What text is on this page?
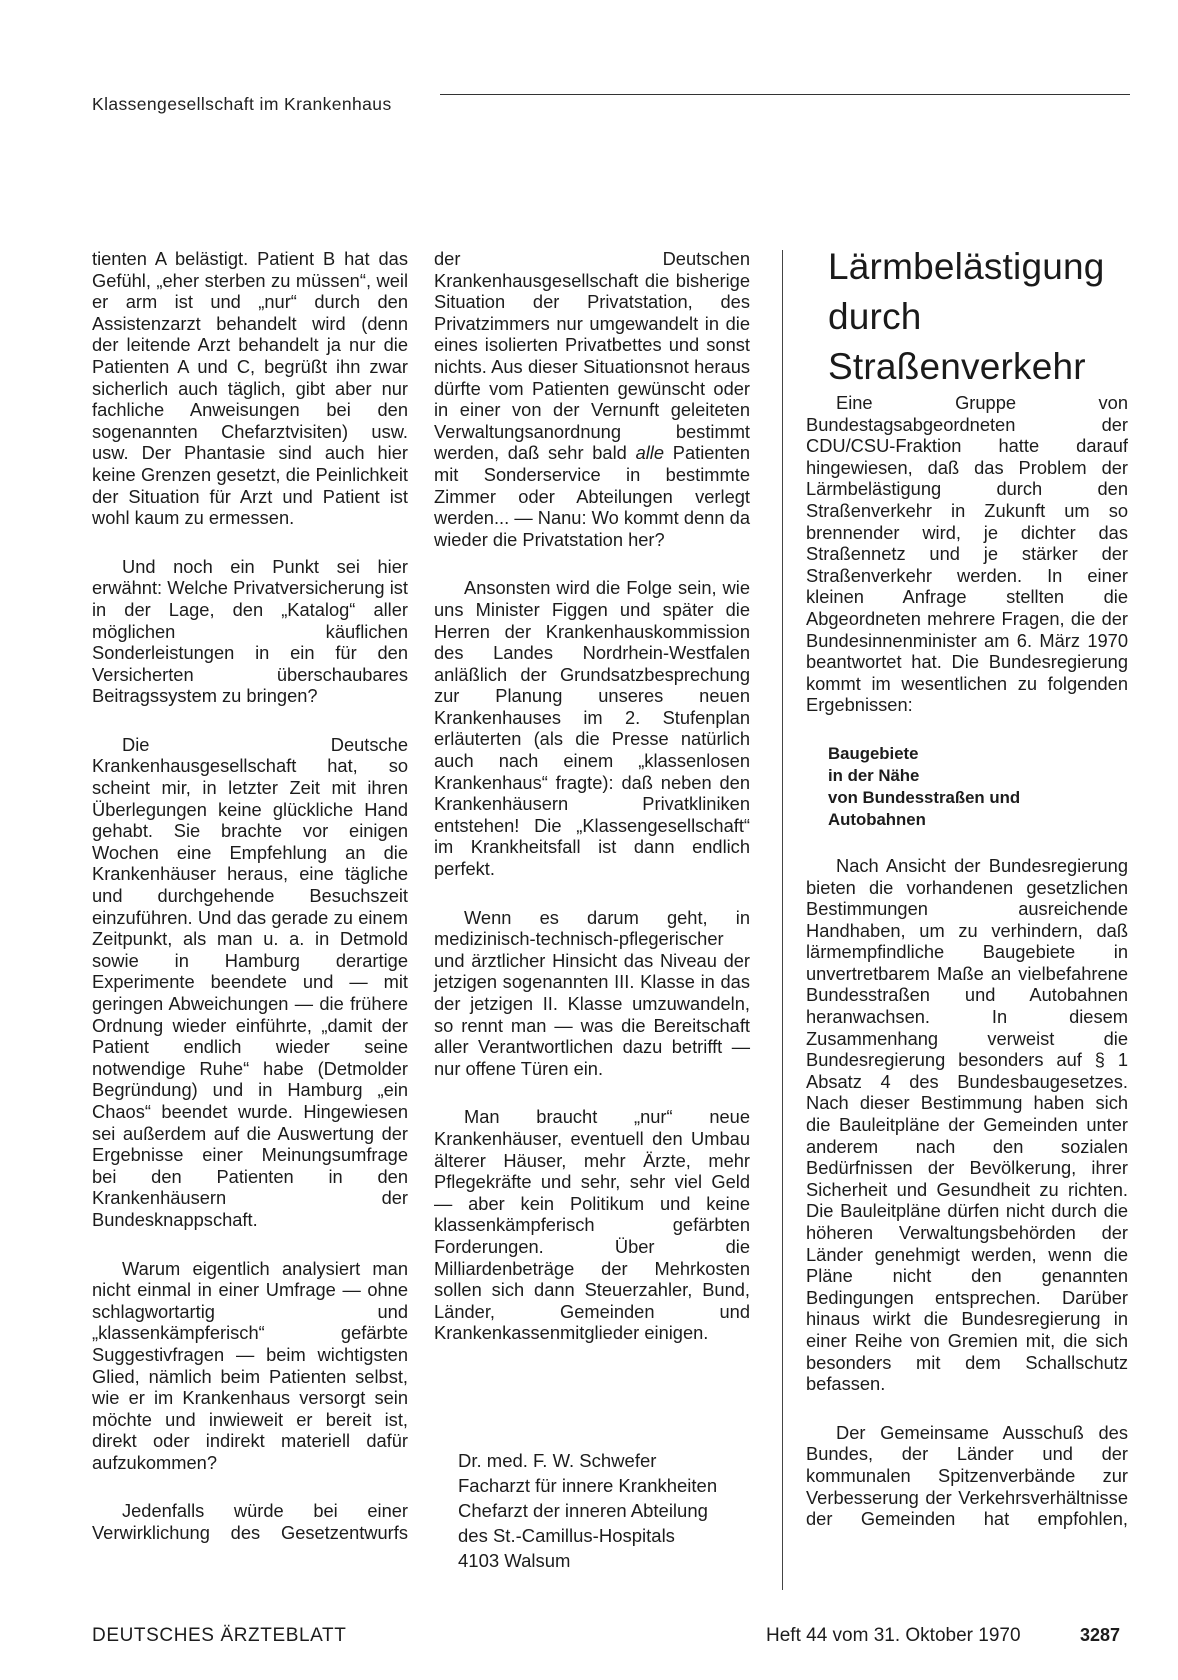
Klassengesellschaft im Krankenhaus

tienten A belästigt. Patient B hat das Gefühl, „eher sterben zu müssen“, weil er arm ist und „nur“ durch den Assistenzarzt behandelt wird (denn der leitende Arzt behandelt ja nur die Patienten A und C, begrüßt ihn zwar sicherlich auch täglich, gibt aber nur fachliche Anweisungen bei den sogenannten Chefarztvisiten) usw. usw. Der Phantasie sind auch hier keine Grenzen gesetzt, die Peinlichkeit der Situation für Arzt und Patient ist wohl kaum zu ermessen.

Und noch ein Punkt sei hier erwähnt: Welche Privatversicherung ist in der Lage, den „Katalog“ aller möglichen käuflichen Sonderleistungen in ein für den Versicherten überschaubares Beitragssystem zu bringen?

Die Deutsche Krankenhausgesellschaft hat, so scheint mir, in letzter Zeit mit ihren Überlegungen keine glückliche Hand gehabt. Sie brachte vor einigen Wochen eine Empfehlung an die Krankenhäuser heraus, eine tägliche und durchgehende Besuchszeit einzuführen. Und das gerade zu einem Zeitpunkt, als man u. a. in Detmold sowie in Hamburg derartige Experimente beendete und — mit geringen Abweichungen — die frühere Ordnung wieder einführte, „damit der Patient endlich wieder seine notwendige Ruhe“ habe (Detmolder Begründung) und in Hamburg „ein Chaos“ beendet wurde. Hingewiesen sei außerdem auf die Auswertung der Ergebnisse einer Meinungsumfrage bei den Patienten in den Krankenhäusern der Bundesknappschaft.

Warum eigentlich analysiert man nicht einmal in einer Umfrage — ohne schlagwortartig und „klassenkämpferisch“ gefärbte Suggestivfragen — beim wichtigsten Glied, nämlich beim Patienten selbst, wie er im Krankenhaus versorgt sein möchte und inwieweit er bereit ist, direkt oder indirekt materiell dafür aufzukommen?

Jedenfalls würde bei einer Verwirklichung des Gesetzentwurfs

der Deutschen Krankenhausgesellschaft die bisherige Situation der Privatstation, des Privatzimmers nur umgewandelt in die eines isolierten Privatbettes und sonst nichts. Aus dieser Situationsnot heraus dürfte vom Patienten gewünscht oder in einer von der Vernunft geleiteten Verwaltungsanordnung bestimmt werden, daß sehr bald alle Patienten mit Sonderservice in bestimmte Zimmer oder Abteilungen verlegt werden... — Nanu: Wo kommt denn da wieder die Privatstation her?

Ansonsten wird die Folge sein, wie uns Minister Figgen und später die Herren der Krankenhauskommission des Landes Nordrhein-Westfalen anläßlich der Grundsatzbesprechung zur Planung unseres neuen Krankenhauses im 2. Stufenplan erläuterten (als die Presse natürlich auch nach einem „klassenlosen Krankenhaus“ fragte): daß neben den Krankenhäusern Privatkliniken entstehen! Die „Klassengesellschaft“ im Krankheitsfall ist dann endlich perfekt.

Wenn es darum geht, in medizinisch-technisch-pflegerischer und ärztlicher Hinsicht das Niveau der jetzigen sogenannten III. Klasse in das der jetzigen II. Klasse umzuwandeln, so rennt man — was die Bereitschaft aller Verantwortlichen dazu betrifft — nur offene Türen ein.

Man braucht „nur“ neue Krankenhäuser, eventuell den Umbau älterer Häuser, mehr Ärzte, mehr Pflegekräfte und sehr, sehr viel Geld — aber kein Politikum und keine klassenkämpferisch gefärbten Forderungen. Über die Milliardenbeträge der Mehrkosten sollen sich dann Steuerzahler, Bund, Länder, Gemeinden und Krankenkassenmitglieder einigen.

Dr. med. F. W. Schwefer
Facharzt für innere Krankheiten
Chefarzt der inneren Abteilung
des St.-Camillus-Hospitals
4103 Walsum
Lärmbelästigung
durch
Straßenverkehr

Eine Gruppe von Bundestagsabgeordneten der CDU/CSU-Fraktion hatte darauf hingewiesen, daß das Problem der Lärmbelästigung durch den Straßenverkehr in Zukunft um so brennender wird, je dichter das Straßennetz und je stärker der Straßenverkehr werden. In einer kleinen Anfrage stellten die Abgeordneten mehrere Fragen, die der Bundesinnenminister am 6. März 1970 beantwortet hat. Die Bundesregierung kommt im wesentlichen zu folgenden Ergebnissen:

Baugebiete
in der Nähe
von Bundesstraßen und
Autobahnen

Nach Ansicht der Bundesregierung bieten die vorhandenen gesetzlichen Bestimmungen ausreichende Handhaben, um zu verhindern, daß lärmempfindliche Baugebiete in unvertretbarem Maße an vielbefahrene Bundesstraßen und Autobahnen heranwachsen. In diesem Zusammenhang verweist die Bundesregierung besonders auf § 1 Absatz 4 des Bundesbaugesetzes. Nach dieser Bestimmung haben sich die Bauleitpläne der Gemeinden unter anderem nach den sozialen Bedürfnissen der Bevölkerung, ihrer Sicherheit und Gesundheit zu richten. Die Bauleitpläne dürfen nicht durch die höheren Verwaltungsbehörden der Länder genehmigt werden, wenn die Pläne nicht den genannten Bedingungen entsprechen. Darüber hinaus wirkt die Bundesregierung in einer Reihe von Gremien mit, die sich besonders mit dem Schallschutz befassen.

Der Gemeinsame Ausschuß des Bundes, der Länder und der kommunalen Spitzenverbände zur Verbesserung der Verkehrsverhältnisse der Gemeinden hat empfohlen,

DEUTSCHES ÄRZTEBLATT	Heft 44 vom 31. Oktober 1970	3287
